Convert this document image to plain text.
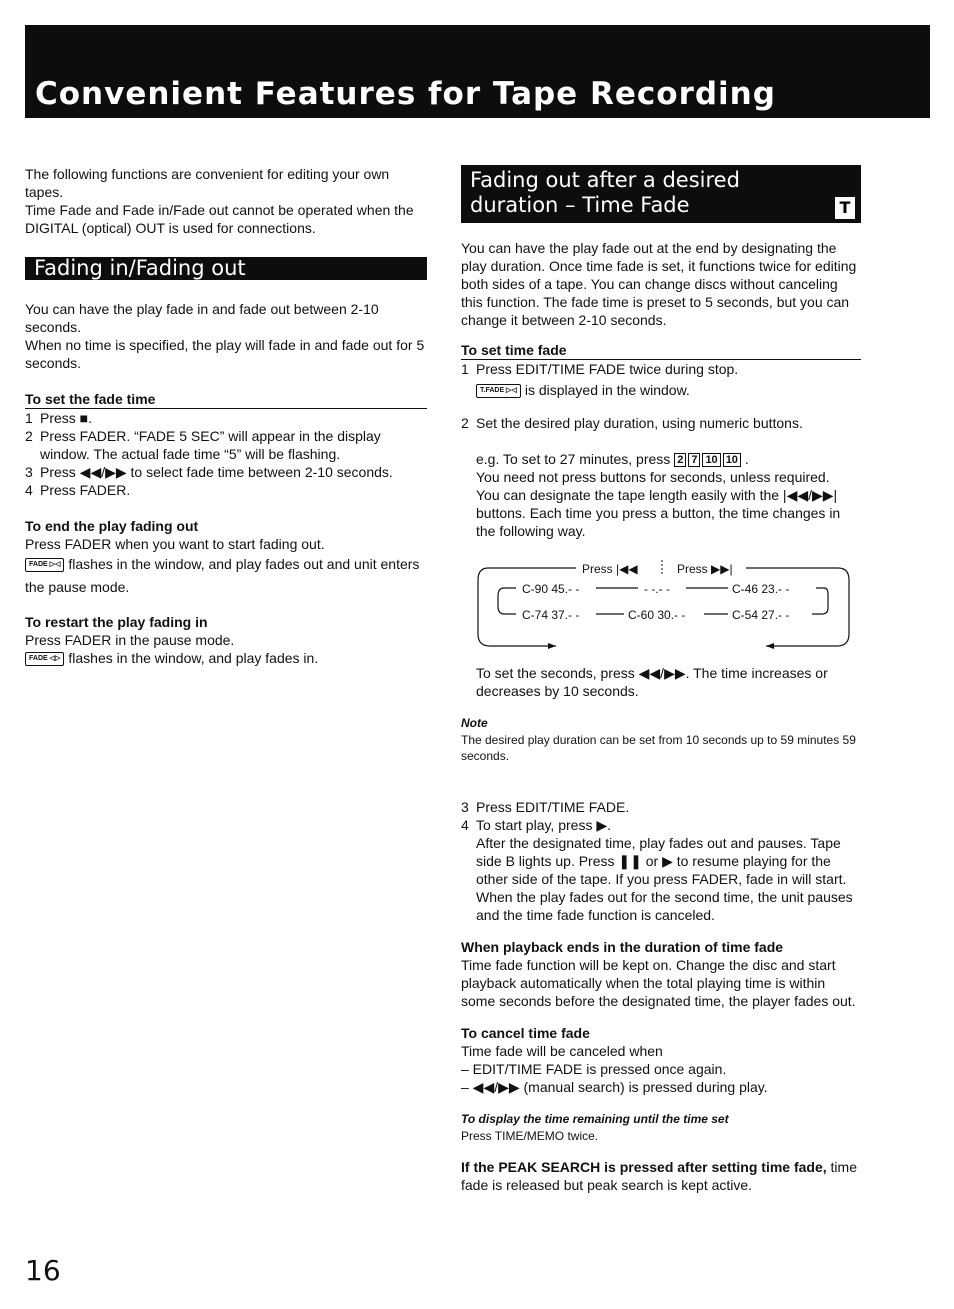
Convenient Features for Tape Recording

The following functions are convenient for editing your own tapes.

Time Fade and Fade in/Fade out cannot be operated when the DIGITAL (optical) OUT is used for connections.

Fading in/Fading out

You can have the play fade in and fade out between 2-10 seconds.

When no time is specified, the play will fade in and fade out for 5 seconds.

To set the fade time
1 Press ■.
2 Press FADER. “FADE 5 SEC” will appear in the display window. The actual fade time “5” will be flashing.
3 Press ◀◀/▶▶ to select fade time between 2-10 seconds.
4 Press FADER.
To end the play fading out

Press FADER when you want to start fading out.

FADE ▷◁ flashes in the window, and play fades out and unit enters the pause mode.

To restart the play fading in

Press FADER in the pause mode.

FADE ◁▷ flashes in the window, and play fades in.

Fading out after a desired
duration – Time Fade	T

You can have the play fade out at the end by designating the play duration. Once time fade is set, it functions twice for editing both sides of a tape. You can change discs without canceling this function. The fade time is preset to 5 seconds, but you can change it between 2-10 seconds.

To set time fade
1 Press EDIT/TIME FADE twice during stop.

T.FADE ▷◁ is displayed in the window.

2 Set the desired play duration, using numeric buttons.

e.g. To set to 27 minutes, press 2 7 10 10 .

You need not press buttons for seconds, unless required.

You can designate the tape length easily with the |◀◀/▶▶| buttons. Each time you press a button, the time changes in the following way.

Press |◀◀	Press ▶▶|
C-90 45.- -	- -.- -	C-46 23.- -
C-74 37.- -	C-60 30.- -	C-54 27.- -

To set the seconds, press ◀◀/▶▶. The time increases or decreases by 10 seconds.

Note

The desired play duration can be set from 10 seconds up to 59 minutes 59 seconds.

3 Press EDIT/TIME FADE.
4 To start play, press ▶.

After the designated time, play fades out and pauses. Tape side B lights up. Press ❚❚ or ▶ to resume playing for the other side of the tape. If you press FADER, fade in will start. When the play fades out for the second time, the unit pauses and the time fade function is canceled.

When playback ends in the duration of time fade

Time fade function will be kept on. Change the disc and start playback automatically when the total playing time is within some seconds before the designated time, the player fades out.

To cancel time fade

Time fade will be canceled when

– EDIT/TIME FADE is pressed once again.

– ◀◀/▶▶ (manual search) is pressed during play.

To display the time remaining until the time set

Press TIME/MEMO twice.

If the PEAK SEARCH is pressed after setting time fade, time fade is released but peak search is kept active.

16
